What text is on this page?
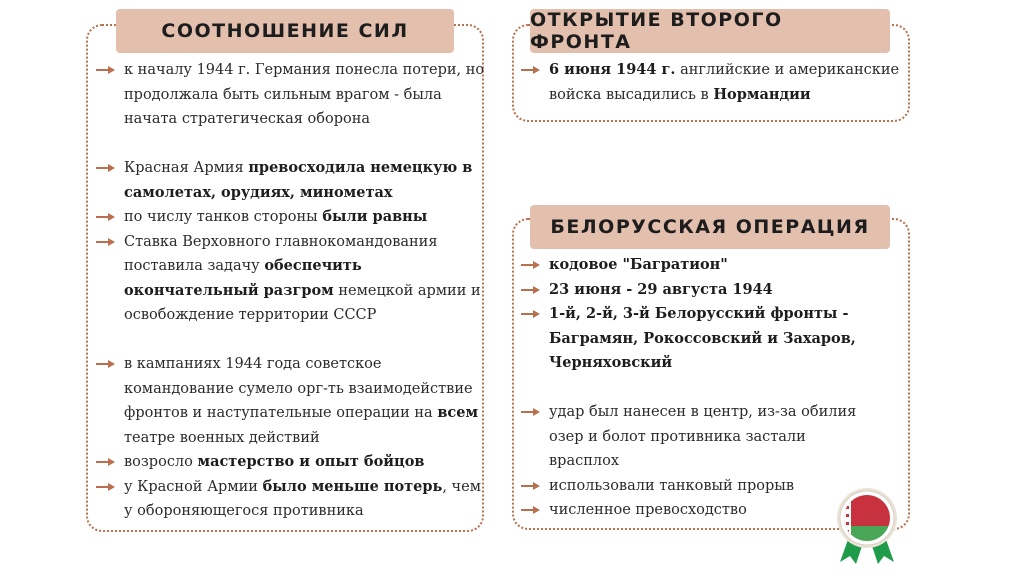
СООТНОШЕНИЕ СИЛ
к началу 1944 г. Германия понесла потери, но продолжала быть сильным врагом - была начата стратегическая оборона
Красная Армия превосходила немецкую в самолетах, орудиях, минометах
по числу танков стороны были равны
Ставка Верховного главнокомандования поставила задачу обеспечить окончательный разгром немецкой армии и освобождение территории СССР
в кампаниях 1944 года советское командование сумело орг-ть взаимодействие фронтов и наступательные операции на всем театре военных действий
возросло мастерство и опыт бойцов
у Красной Армии было меньше потерь, чем у обороняющегося противника
ОТКРЫТИЕ ВТОРОГО ФРОНТА
6 июня 1944 г. английские и американские войска высадились в Нормандии
БЕЛОРУССКАЯ ОПЕРАЦИЯ
кодовое "Багратион"
23 июня - 29 августа 1944
1-й, 2-й, 3-й Белорусский фронты - Баграмян, Рокоссовский и Захаров, Черняховский
удар был нанесен в центр, из-за обилия озер и болот противника застали врасплох
использовали танковый прорыв
численное превосходство
